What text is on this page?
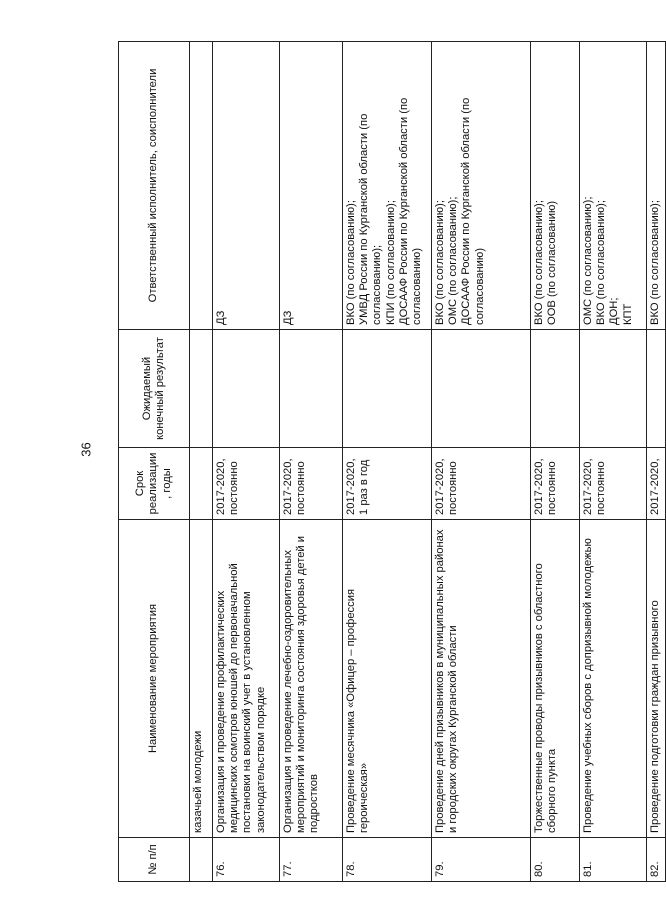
36
№ п/п	Наименование мероприятия	Срок реализации, годы	Ожидаемый конечный результат	Ответственный исполнитель, соисполнители
	казачьей молодежи			
76.	Организация и проведение профилактических медицинских осмотров юношей до первоначальной постановки на воинский учет в установленном законодательством порядке	2017-2020, постоянно		ДЗ
77.	Организация и проведение лечебно-оздоровительных мероприятий и мониторинга состояния здоровья детей и подростков	2017-2020, постоянно		ДЗ
78.	Проведение месячника «Офицер – профессия героическая»	2017-2020, 1 раз в год		ВКО (по согласованию);
УМВД России по Курганской области (по согласованию);
КПИ (по согласованию);
ДОСААФ России по Курганской области (по согласованию)
79.	Проведение дней призывников в муниципальных районах и городских округах Курганской области	2017-2020, постоянно		ВКО (по согласованию);
ОМС (по согласованию);
ДОСААФ России по Курганской области (по согласованию)
80.	Торжественные проводы призывников с областного сборного пункта	2017-2020, постоянно		ВКО (по согласованию);
ООВ (по согласованию)
81.	Проведение учебных сборов с допризывной молодежью	2017-2020, постоянно		ОМС (по согласованию);
ВКО (по согласованию);
ДОН;
КПТ
82.	Проведение подготовки граждан призывного	2017-2020,		ВКО (по согласованию);
